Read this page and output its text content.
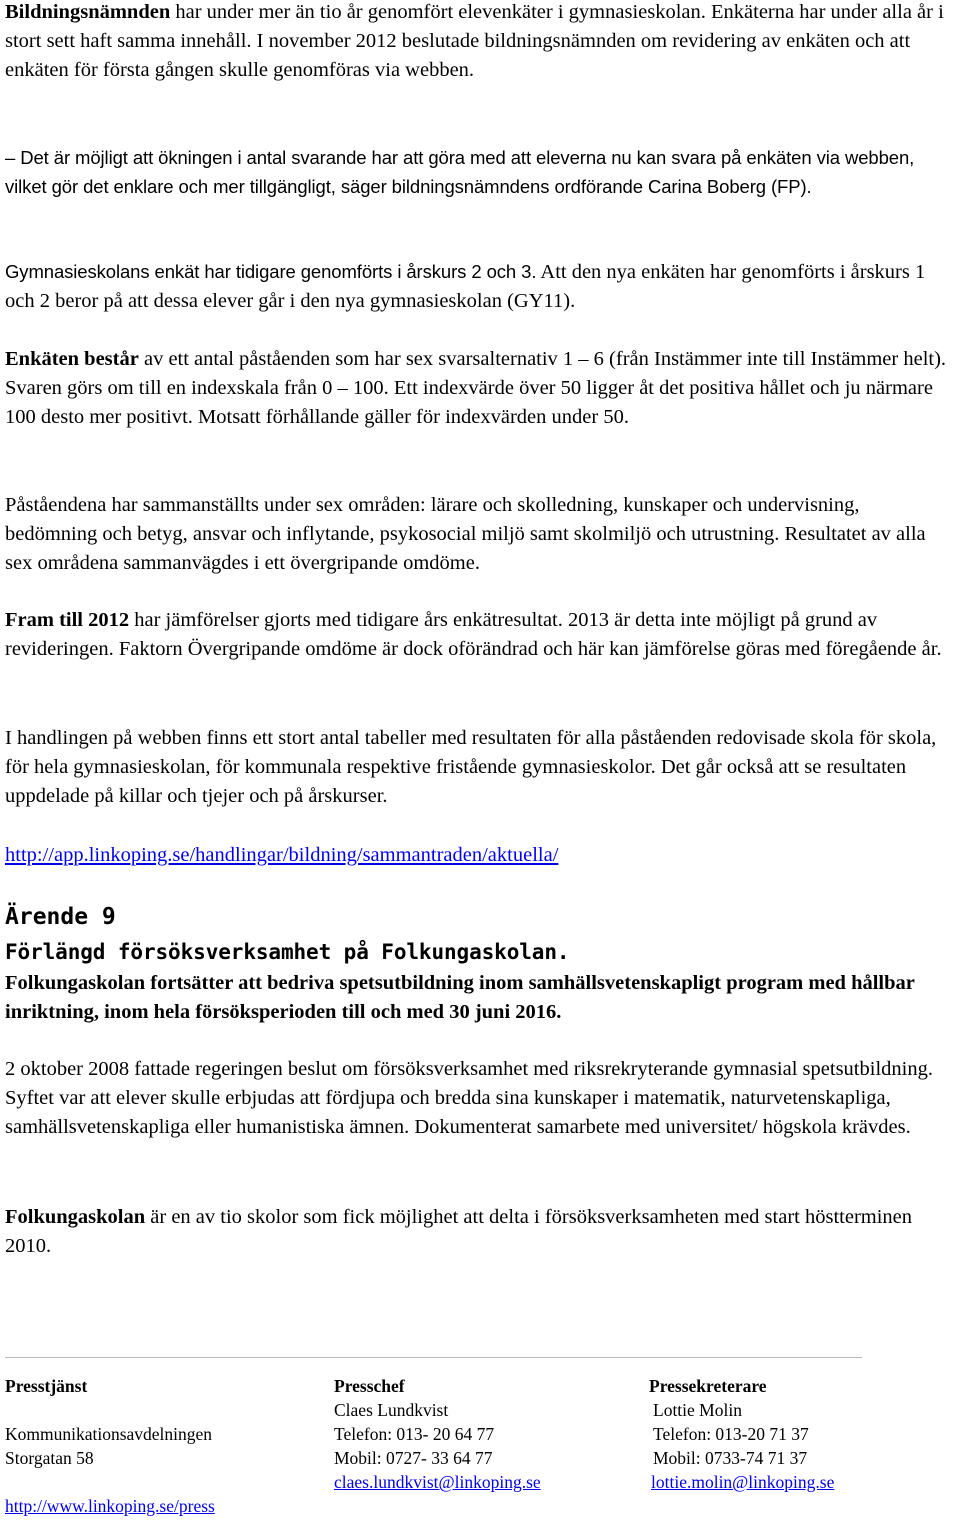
Bildningsnämnden har under mer än tio år genomfört elevenkäter i gymnasieskolan. Enkäterna har under alla år i stort sett haft samma innehåll. I november 2012 beslutade bildningsnämnden om revidering av enkäten och att enkäten för första gången skulle genomföras via webben.

– Det är möjligt att ökningen i antal svarande har att göra med att eleverna nu kan svara på enkäten via webben, vilket gör det enklare och mer tillgängligt, säger bildningsnämndens ordförande Carina Boberg (FP).

Gymnasieskolans enkät har tidigare genomförts i årskurs 2 och 3. Att den nya enkäten har genomförts i årskurs 1 och 2 beror på att dessa elever går i den nya gymnasieskolan (GY11).

Enkäten består av ett antal påståenden som har sex svarsalternativ 1 – 6 (från Instämmer inte till Instämmer helt). Svaren görs om till en indexskala från 0 – 100. Ett indexvärde över 50 ligger åt det positiva hållet och ju närmare 100 desto mer positivt. Motsatt förhållande gäller för indexvärden under 50.

Påståendena har sammanställts under sex områden: lärare och skolledning, kunskaper och undervisning, bedömning och betyg, ansvar och inflytande, psykosocial miljö samt skolmiljö och utrustning. Resultatet av alla sex områdena sammanvägdes i ett övergripande omdöme.

Fram till 2012 har jämförelser gjorts med tidigare års enkätresultat. 2013 är detta inte möjligt på grund av revideringen. Faktorn Övergripande omdöme är dock oförändrad och här kan jämförelse göras med föregående år.

I handlingen på webben finns ett stort antal tabeller med resultaten för alla påståenden redovisade skola för skola, för hela gymnasieskolan, för kommunala respektive fristående gymnasieskolor. Det går också att se resultaten uppdelade på killar och tjejer och på årskurser.

http://app.linkoping.se/handlingar/bildning/sammantraden/aktuella/

Ärende 9
Förlängd försöksverksamhet på Folkungaskolan.

Folkungaskolan fortsätter att bedriva spetsutbildning inom samhällsvetenskapligt program med hållbar inriktning, inom hela försöksperioden till och med 30 juni 2016.

2 oktober 2008 fattade regeringen beslut om försöksverksamhet med riksrekryterande gymnasial spetsutbildning. Syftet var att elever skulle erbjudas att fördjupa och bredda sina kunskaper i matematik, naturvetenskapliga, samhällsvetenskapliga eller humanistiska ämnen. Dokumenterat samarbete med universitet/ högskola krävdes.

Folkungaskolan är en av tio skolor som fick möjlighet att delta i försöksverksamheten med start höstterminen 2010.

Presstjänst
Kommunikationsavdelningen
Storgatan 58
http://www.linkoping.se/press
Presschef
Claes Lundkvist
Telefon: 013- 20 64 77
Mobil: 0727- 33 64 77
claes.lundkvist@linkoping.se
Pressekreterare
Lottie Molin
Telefon: 013-20 71 37
Mobil: 0733-74 71 37
lottie.molin@linkoping.se
